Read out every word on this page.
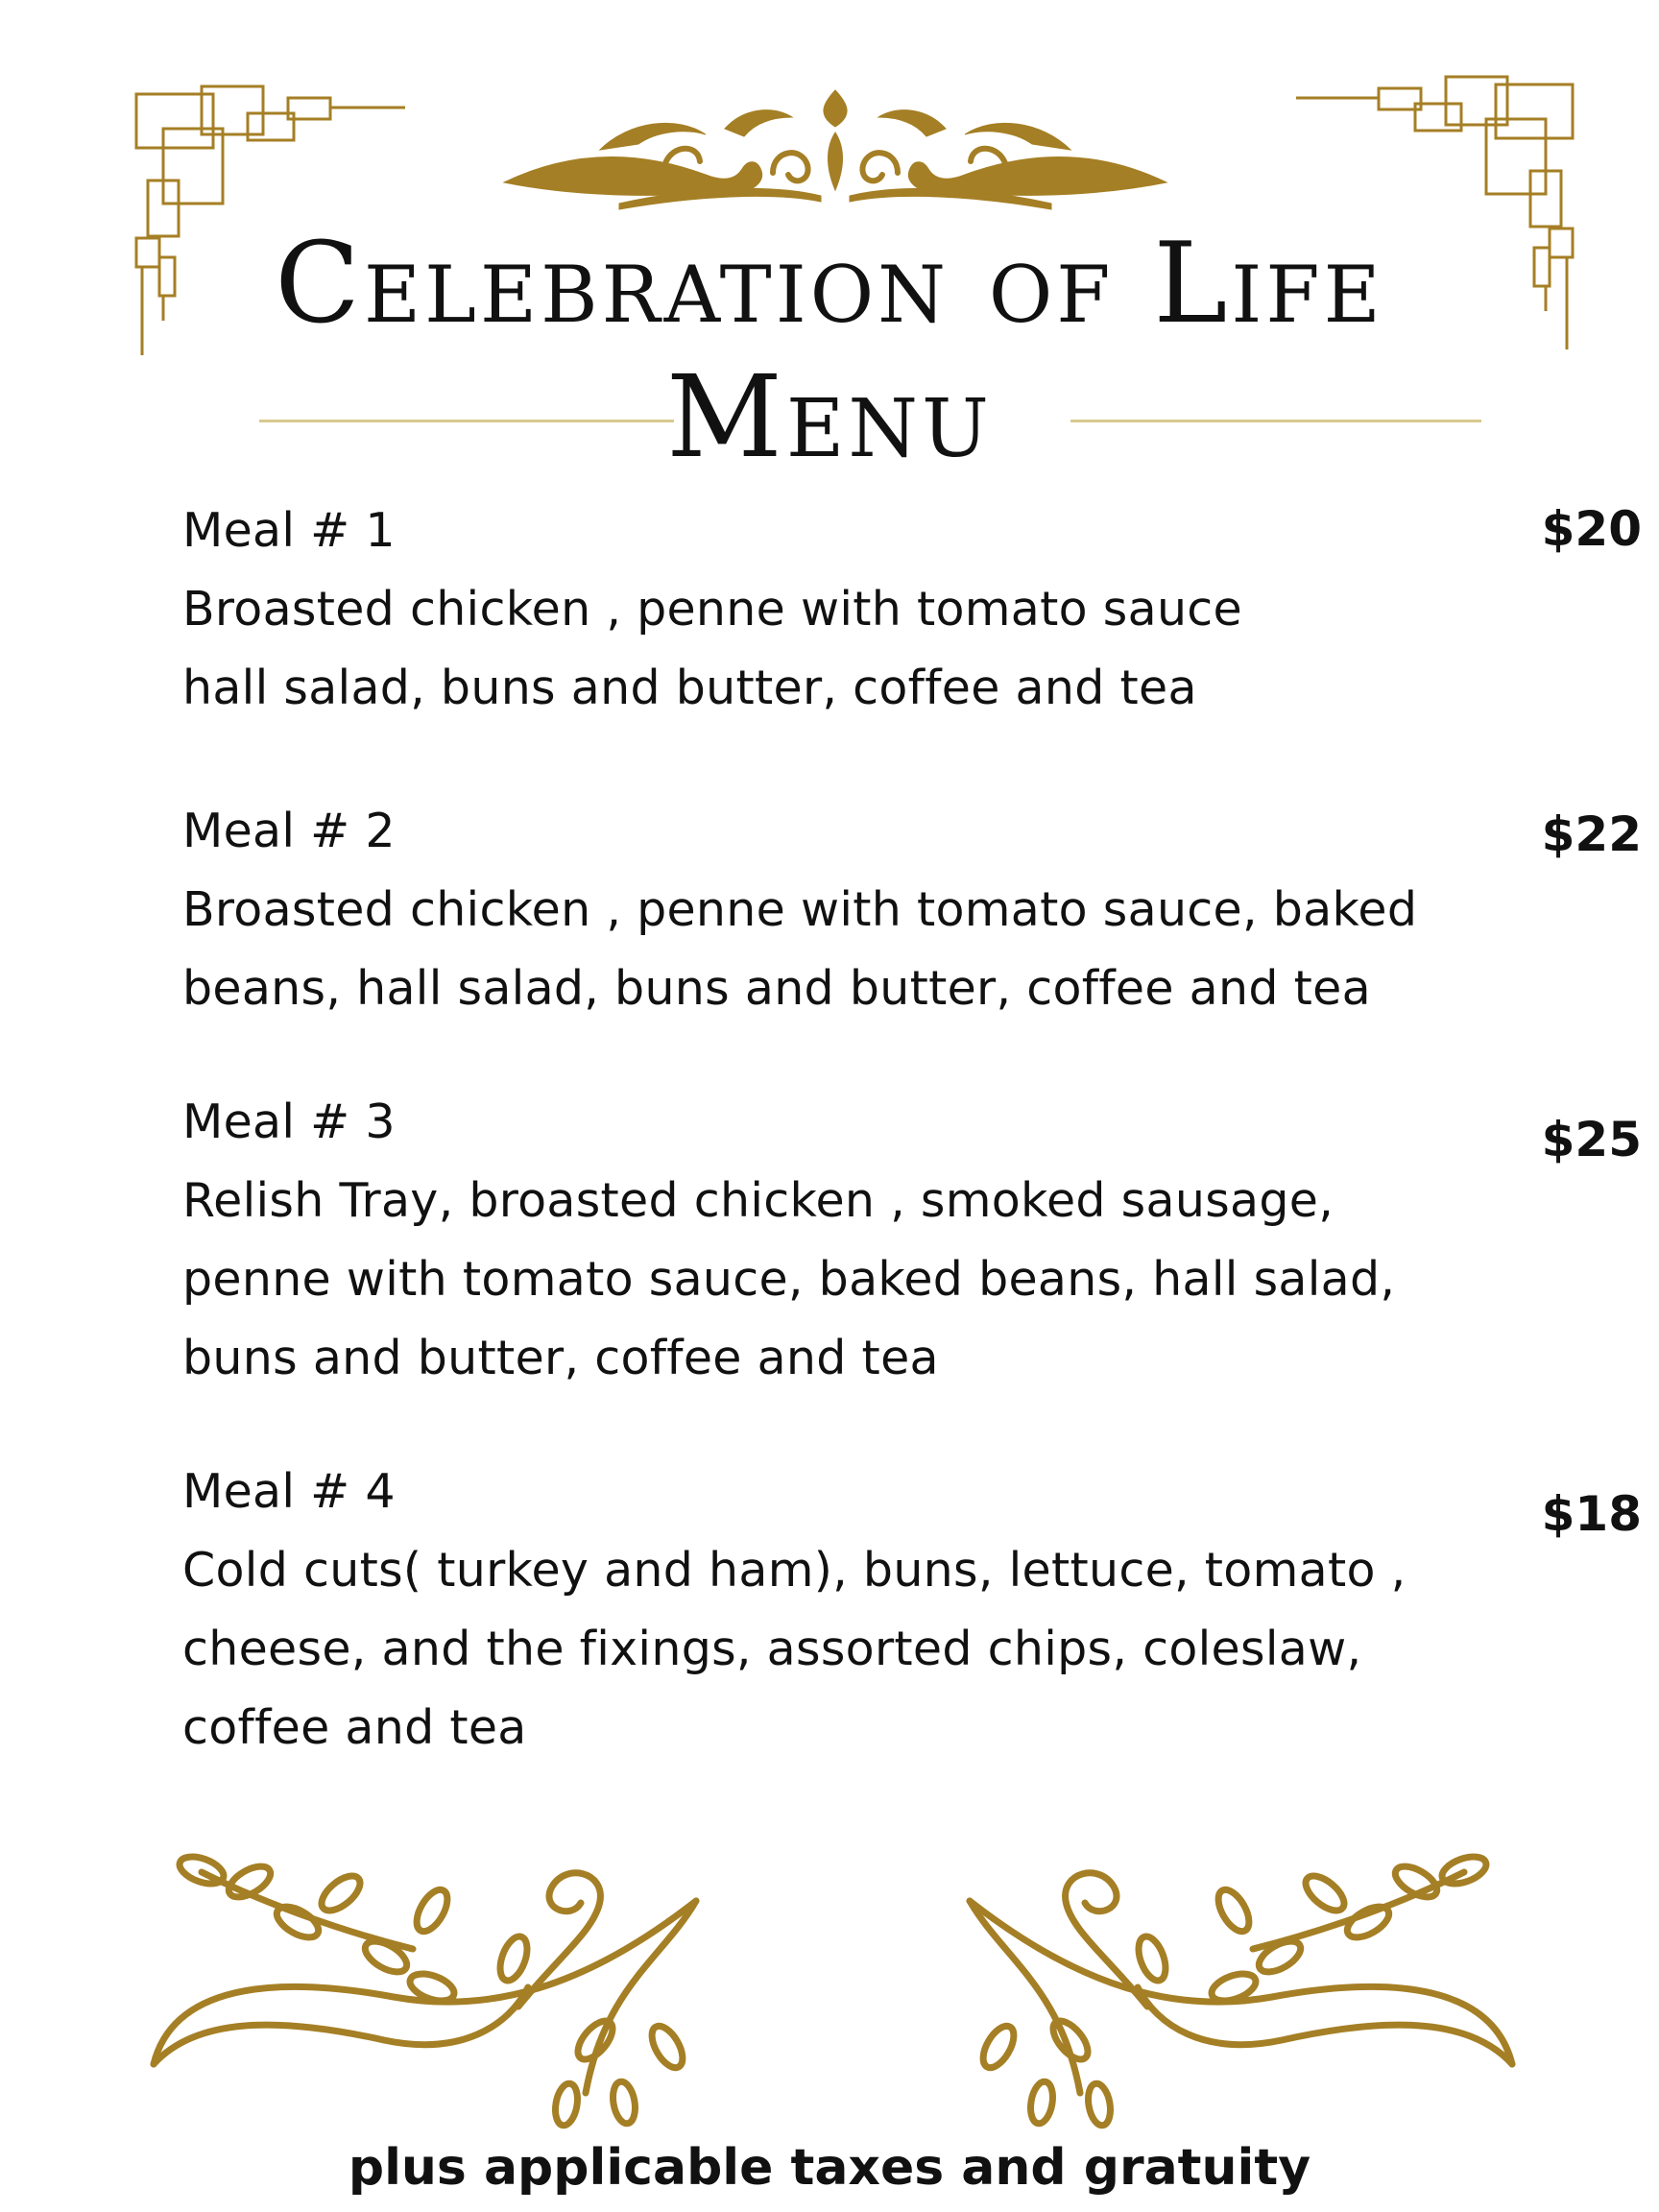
Celebration of Life
Menu
Meal # 1
Broasted chicken , penne with tomato sauce
hall salad, buns and butter, coffee and tea
$20
Meal # 2
Broasted chicken , penne with tomato sauce, baked
beans, hall salad, buns and butter, coffee and tea
$22
Meal # 3
Relish Tray, broasted chicken , smoked sausage,
penne with tomato sauce, baked beans, hall salad,
buns and butter, coffee and tea
$25
Meal # 4
Cold cuts( turkey and ham), buns, lettuce, tomato ,
cheese, and the fixings, assorted chips, coleslaw,
coffee and tea
$18
plus applicable taxes and gratuity
